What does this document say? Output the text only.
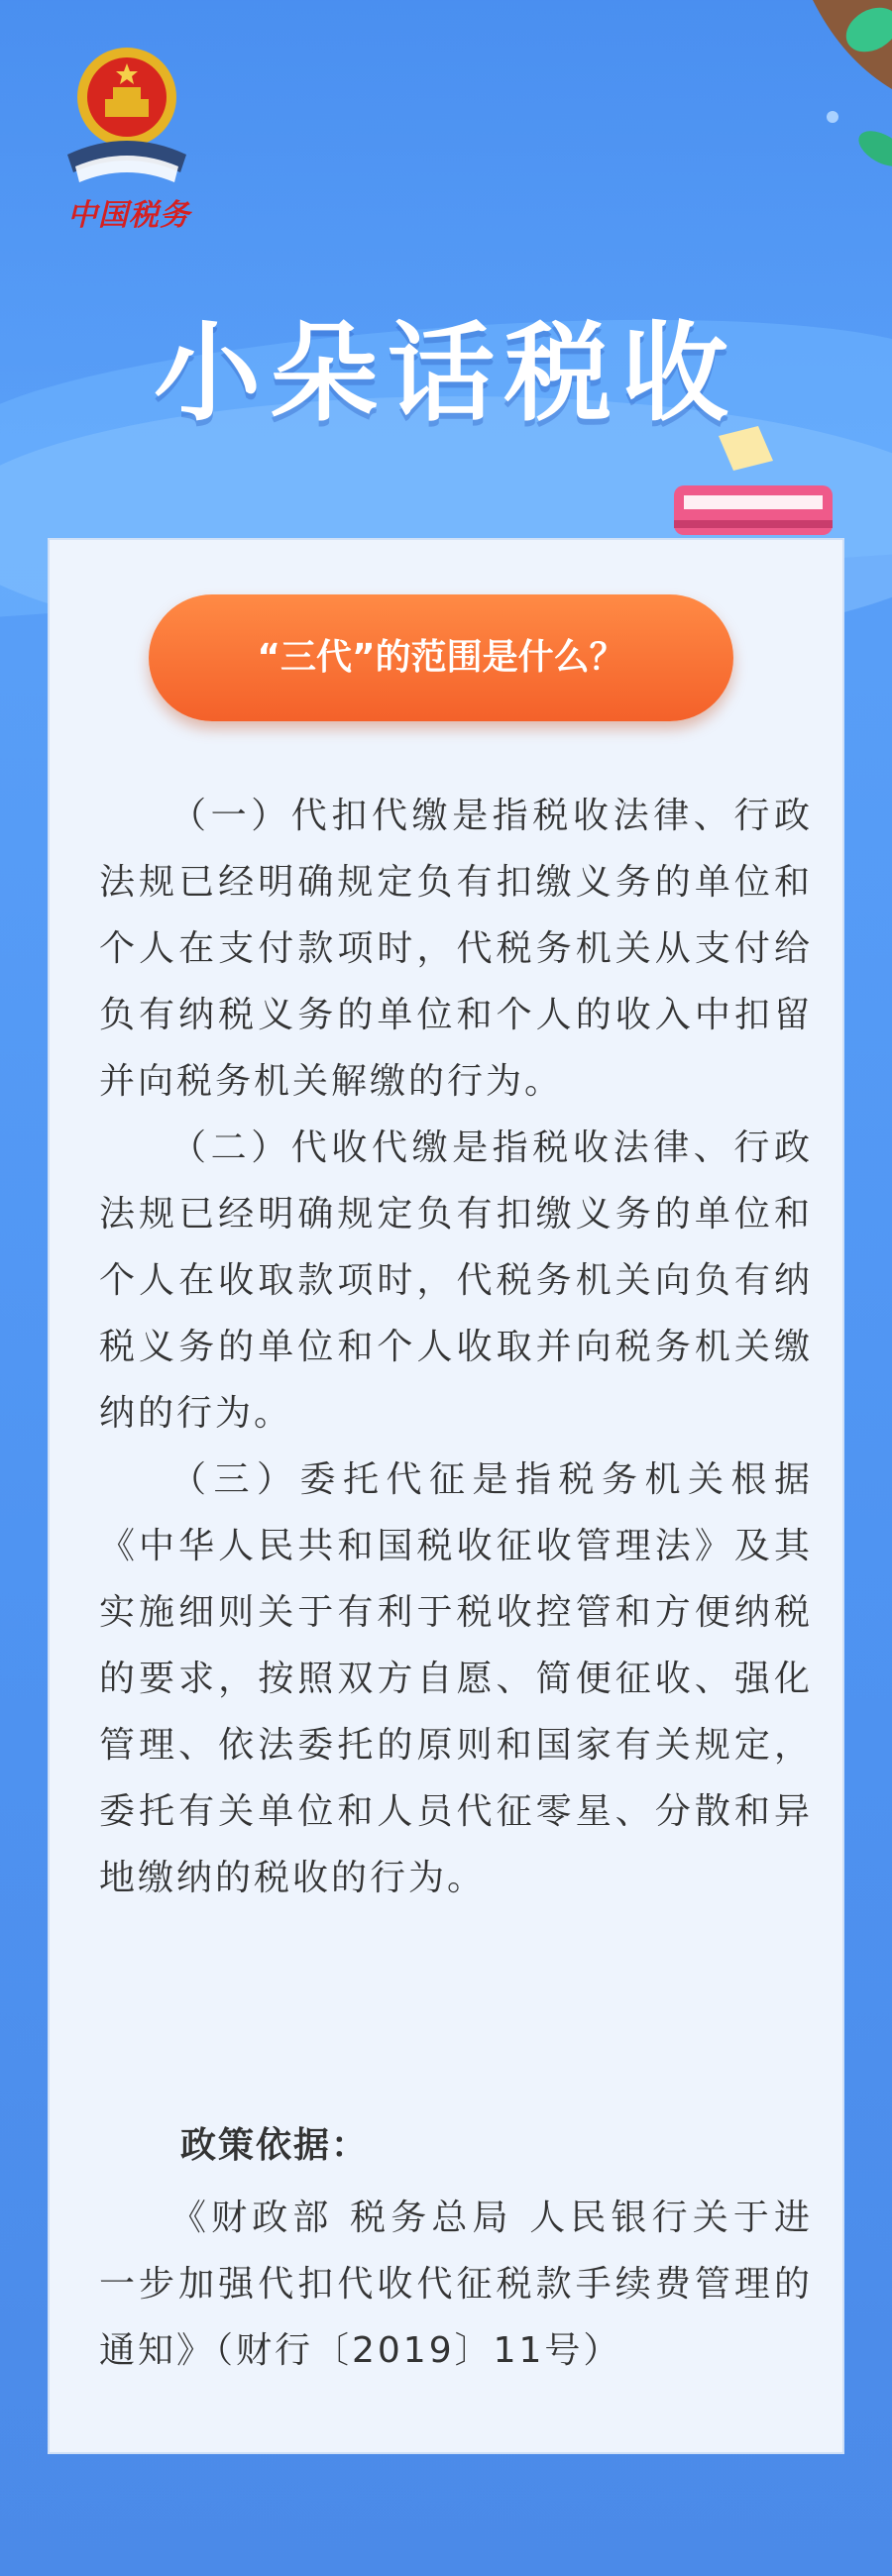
中国税务
小朵话税收
“三代”的范围是什么？

（一）代扣代缴是指税收法律、行政法规已经明确规定负有扣缴义务的单位和个人在支付款项时，代税务机关从支付给负有纳税义务的单位和个人的收入中扣留并向税务机关解缴的行为。

（二）代收代缴是指税收法律、行政法规已经明确规定负有扣缴义务的单位和个人在收取款项时，代税务机关向负有纳税义务的单位和个人收取并向税务机关缴纳的行为。

（三）委托代征是指税务机关根据《中华人民共和国税收征收管理法》及其实施细则关于有利于税收控管和方便纳税的要求，按照双方自愿、简便征收、强化管理、依法委托的原则和国家有关规定，委托有关单位和人员代征零星、分散和异地缴纳的税收的行为。

政策依据：

《财政部 税务总局 人民银行关于进一步加强代扣代收代征税款手续费管理的通知》（财行〔2019〕11号）
